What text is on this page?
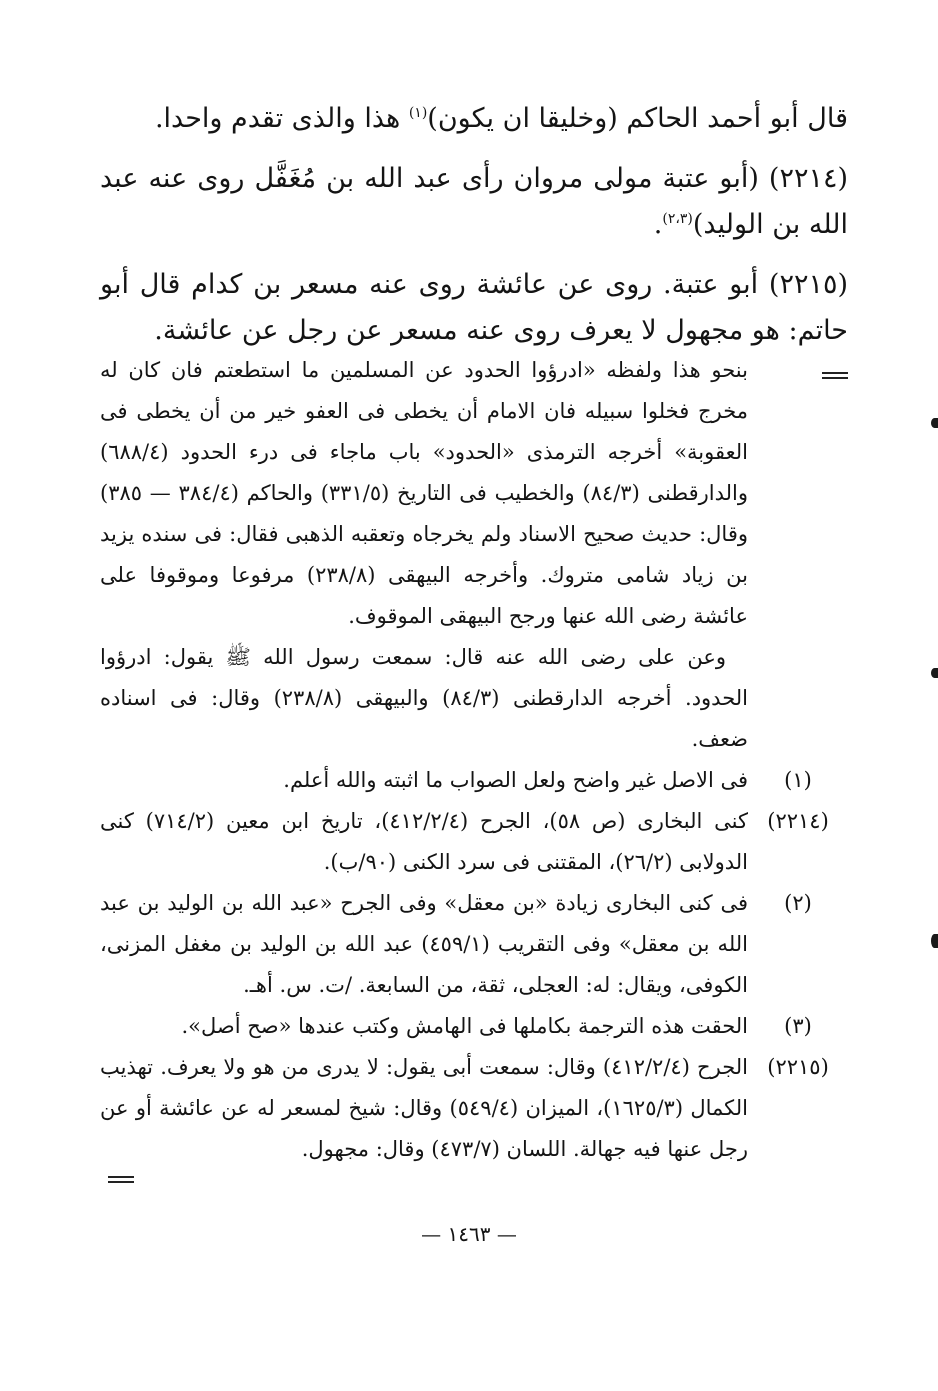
قال أبو أحمد الحاكم (وخليقا ان يكون)$^{(١)}$ هذا والذى تقدم واحدا.

(٢٢١٤) (أبو عتبة مولى مروان رأى عبد الله بن مُغَفَّل روى عنه عبد الله بن الوليد)$^{(٢،٣)}$.

(٢٢١٥) أبو عتبة. روى عن عائشة روى عنه مسعر بن كدام قال أبو حاتم: هو مجهول لا يعرف روى عنه مسعر عن رجل عن عائشة.

بنحو هذا ولفظه «ادرؤوا الحدود عن المسلمين ما استطعتم فان كان له مخرج فخلوا سبيله فان الامام أن يخطى فى العفو خير من أن يخطى فى العقوبة» أخرجه الترمذى «الحدود» باب ماجاء فى درء الحدود (٦٨٨/٤) والدارقطنى (٨٤/٣) والخطيب فى التاريخ (٣٣١/٥) والحاكم (٣٨٤/٤ — ٣٨٥) وقال: حديث صحيح الاسناد ولم يخرجاه وتعقبه الذهبى فقال: فى سنده يزيد بن زياد شامى متروك. وأخرجه البيهقى (٢٣٨/٨) مرفوعا وموقوفا على عائشة رضى الله عنها ورجح البيهقى الموقوف.

وعن على رضى الله عنه قال: سمعت رسول الله ﷺ يقول: ادرؤوا الحدود. أخرجه الدارقطنى (٨٤/٣) والبيهقى (٢٣٨/٨) وقال: فى اسناده ضعف.

(١)
فى الاصل غير واضح ولعل الصواب ما اثبته والله أعلم.
(٢٢١٤)
كنى البخارى (ص ٥٨)، الجرح (٤١٢/٢/٤)، تاريخ ابن معين (٧١٤/٢) كنى الدولابى (٢٦/٢)، المقتنى فى سرد الكنى (٩٠/ب).
(٢)
فى كنى البخارى زيادة «بن معقل» وفى الجرح «عبد الله بن الوليد بن عبد الله بن معقل» وفى التقريب (٤٥٩/١) عبد الله بن الوليد بن مغفل المزنى، الكوفى، ويقال: له: العجلى، ثقة، من السابعة. /ت. س. أهـ.
(٣)
الحقت هذه الترجمة بكاملها فى الهامش وكتب عندها «صح أصل».
(٢٢١٥)
الجرح (٤١٢/٢/٤) وقال: سمعت أبى يقول: لا يدرى من هو ولا يعرف. تهذيب الكمال (١٦٢٥/٣)، الميزان (٥٤٩/٤) وقال: شيخ لمسعر له عن عائشة أو عن رجل عنها فيه جهالة. اللسان (٤٧٣/٧) وقال: مجهول.
— ١٤٦٣ —
